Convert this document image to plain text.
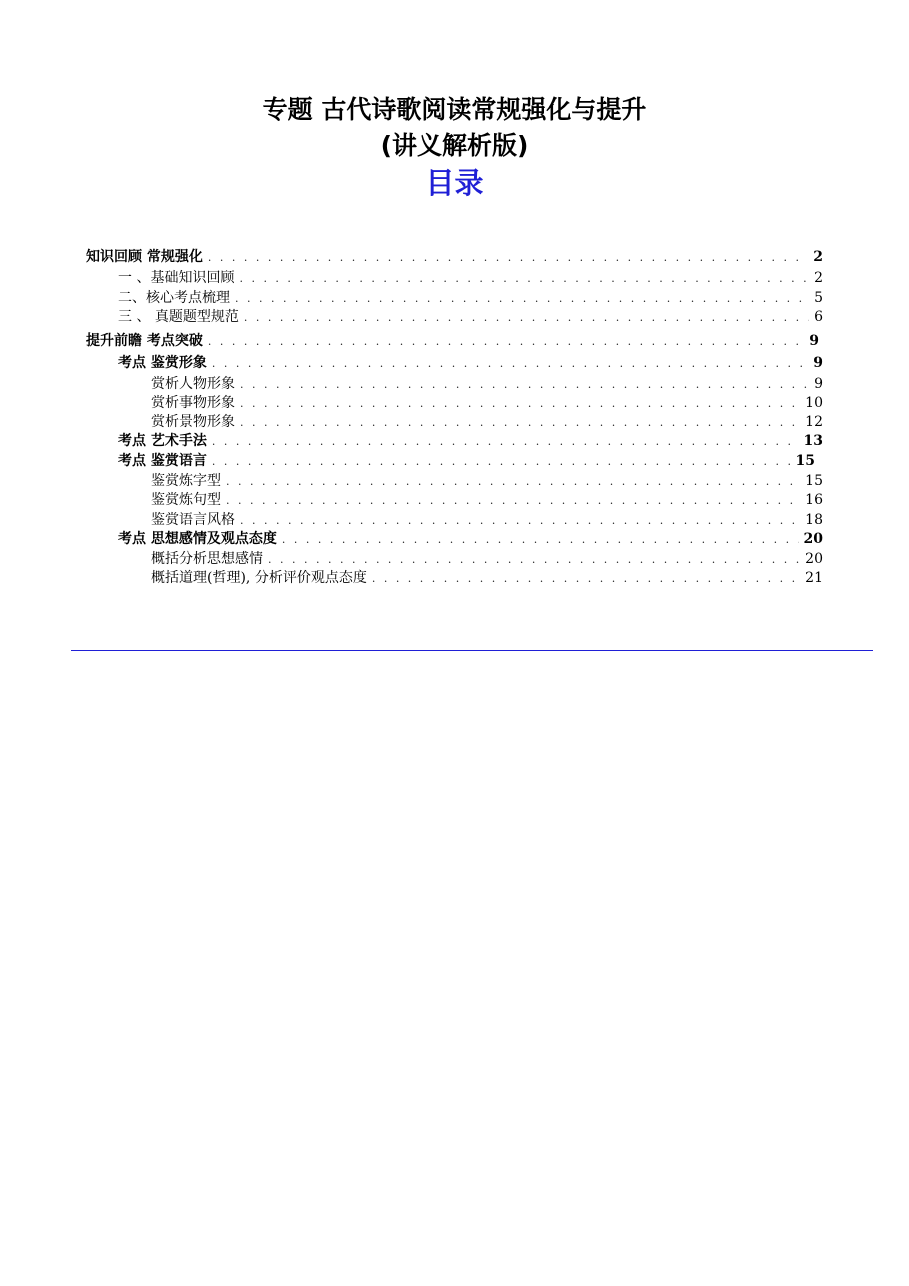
专题 古代诗歌阅读常规强化与提升
(讲义解析版)
目录
知识回顾 常规强化 . . .	2
一 、基础知识回顾 . . .	2
二、核心考点梳理 . . .	5
三 、 真题题型规范 . . .	6
提升前瞻 考点突破 . . .	9
考点 鉴赏形象 . . .	9
赏析人物形象 . . .	9
赏析事物形象 . . .	10
赏析景物形象 . . .	12
考点 艺术手法 . . .	13
考点 鉴赏语言 . . .	15
鉴赏炼字型 . . .	15
鉴赏炼句型 . . .	16
鉴赏语言风格 . . .	18
考点 思想感情及观点态度 . . .	20
概括分析思想感情 . . .	20
概括道理(哲理), 分析评价观点态度 . . .	21
